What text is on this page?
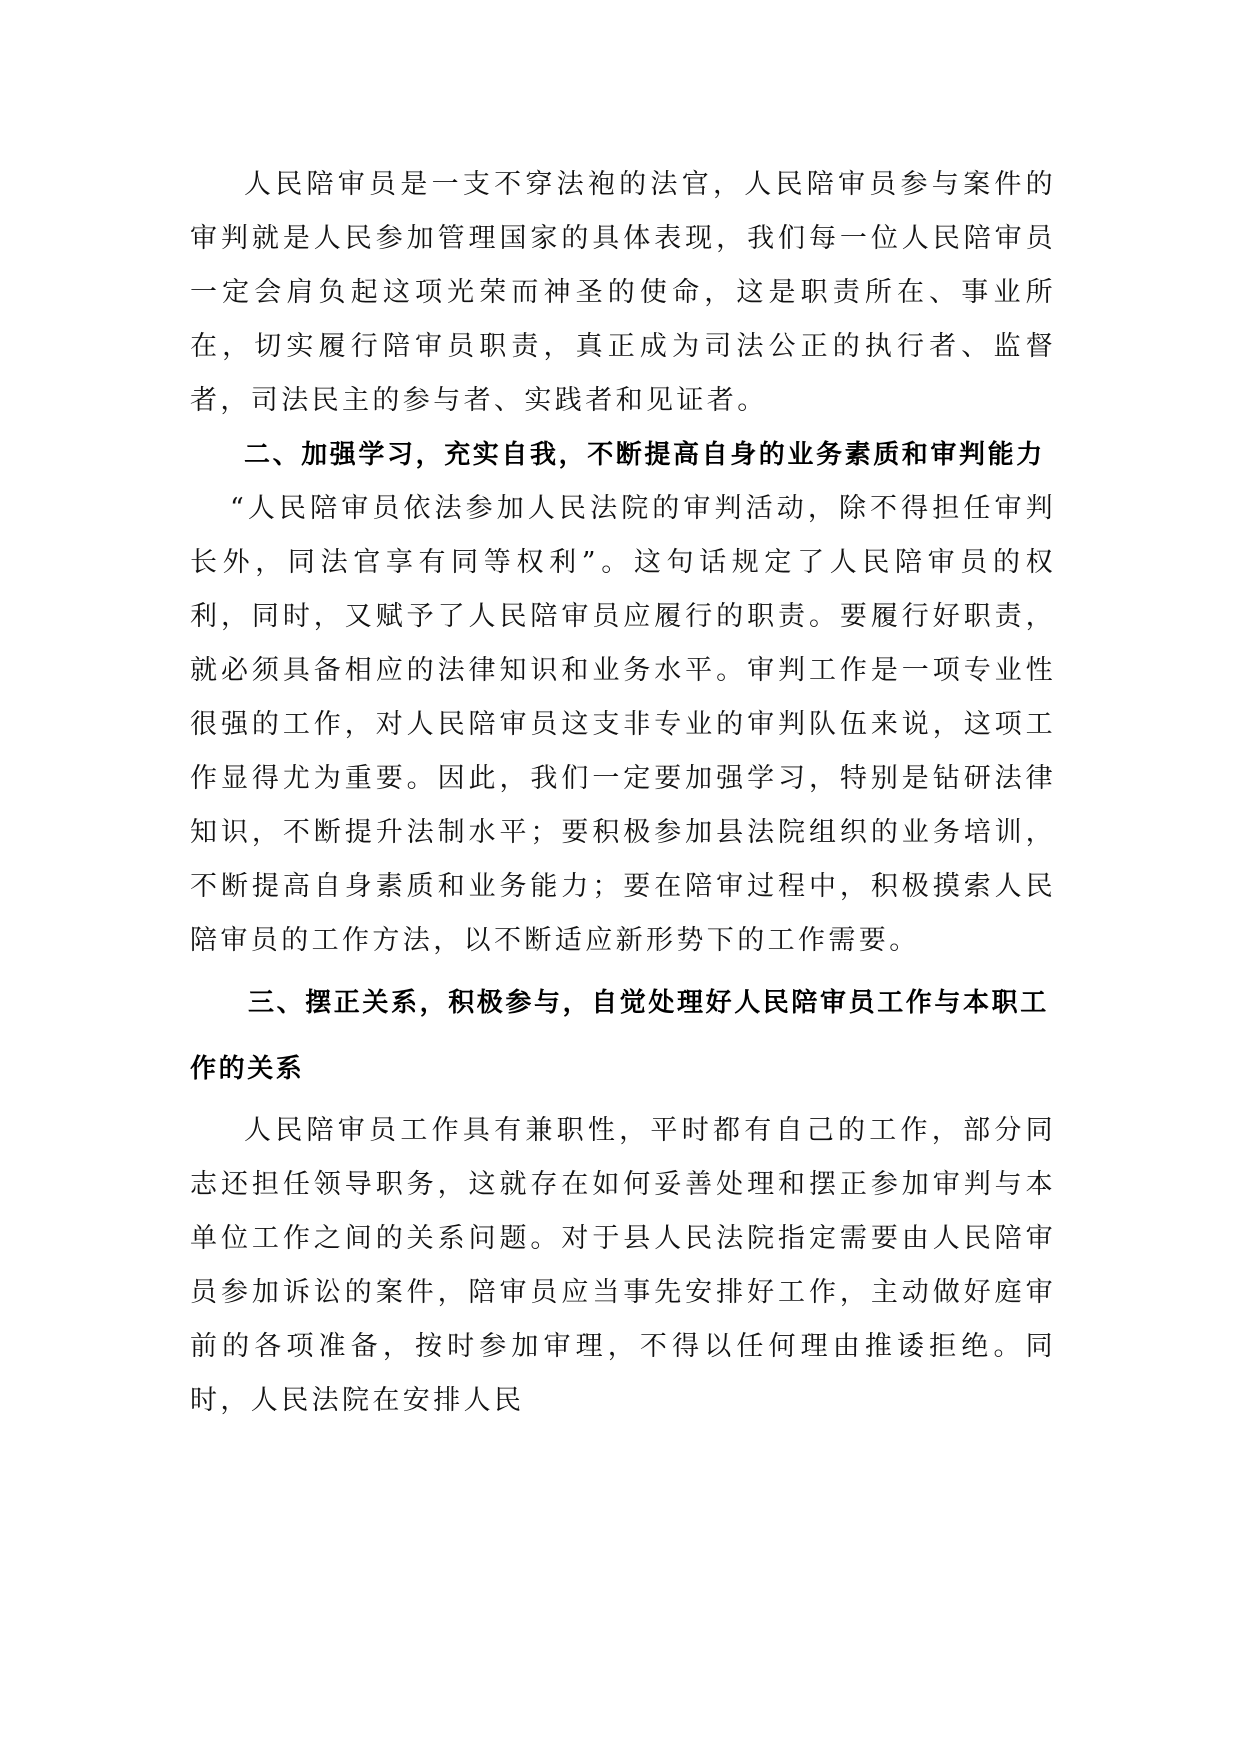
人民陪审员是一支不穿法袍的法官，人民陪审员参与案件的审判就是人民参加管理国家的具体表现，我们每一位人民陪审员一定会肩负起这项光荣而神圣的使命，这是职责所在、事业所在，切实履行陪审员职责，真正成为司法公正的执行者、监督者，司法民主的参与者、实践者和见证者。

二、加强学习，充实自我，不断提高自身的业务素质和审判能力

“人民陪审员依法参加人民法院的审判活动，除不得担任审判长外，同法官享有同等权利”。这句话规定了人民陪审员的权利，同时，又赋予了人民陪审员应履行的职责。要履行好职责，就必须具备相应的法律知识和业务水平。审判工作是一项专业性很强的工作，对人民陪审员这支非专业的审判队伍来说，这项工作显得尤为重要。因此，我们一定要加强学习，特别是钻研法律知识，不断提升法制水平；要积极参加县法院组织的业务培训，不断提高自身素质和业务能力；要在陪审过程中，积极摸索人民陪审员的工作方法，以不断适应新形势下的工作需要。

三、摆正关系，积极参与，自觉处理好人民陪审员工作与本职工作的关系

人民陪审员工作具有兼职性，平时都有自己的工作，部分同志还担任领导职务，这就存在如何妥善处理和摆正参加审判与本单位工作之间的关系问题。对于县人民法院指定需要由人民陪审员参加诉讼的案件，陪审员应当事先安排好工作，主动做好庭审前的各项准备，按时参加审理，不得以任何理由推诿拒绝。同时，人民法院在安排人民
